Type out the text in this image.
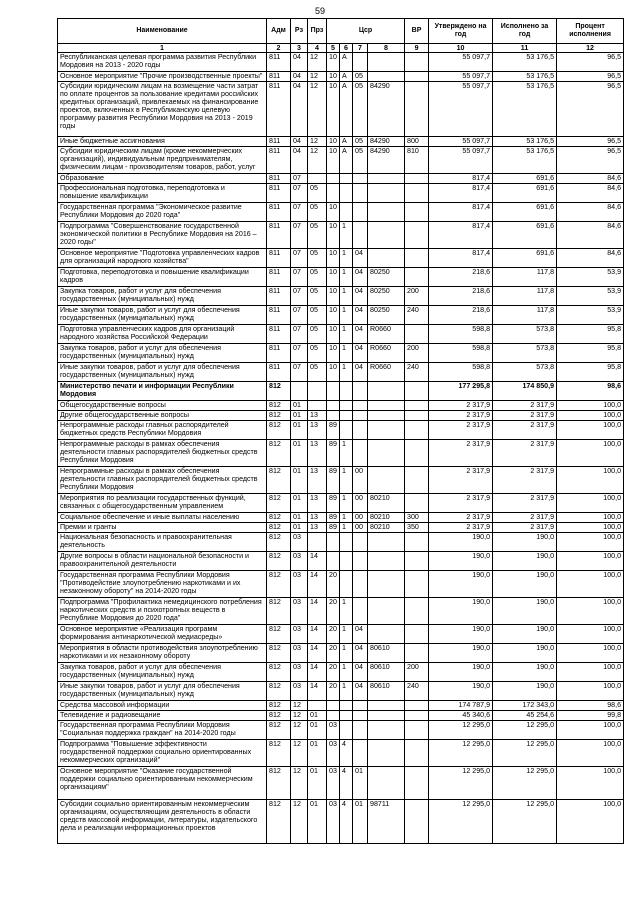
59
Наименование	Адм	Рз	Прз	Цср				ВР	Утверждено на год	Исполнено за год	Процент исполнения
1	2	3	4	5	6	7	8	9	10	11	12
Республиканская целевая программа развития Республики Мордовия на 2013 - 2020 годы	811	04	12	10	А				55 097,7	53 176,5	96,5
Основное мероприятие "Прочие производственные проекты"	811	04	12	10	А	05			55 097,7	53 176,5	96,5
Субсидии юридическим лицам на возмещение части затрат по оплате процентов за пользование кредитами российских кредитных организаций, привлекаемых на финансирование проектов, включенных в Республиканскую целевую программу развития Республики Мордовия на 2013 - 2019 годы	811	04	12	10	А	05	84290		55 097,7	53 176,5	96,5
Иные бюджетные ассигнования	811	04	12	10	А	05	84290	800	55 097,7	53 176,5	96,5
Субсидии юридическим лицам (кроме некоммерческих организаций), индивидуальным предпринимателям, физическим лицам - производителям товаров, работ, услуг	811	04	12	10	А	05	84290	810	55 097,7	53 176,5	96,5
Образование	811	07							817,4	691,6	84,6
Профессиональная подготовка, переподготовка и повышение квалификации	811	07	05						817,4	691,6	84,6
Государственная программа "Экономическое развитие Республики Мордовия до 2020 года"	811	07	05	10					817,4	691,6	84,6
Подпрограмма "Совершенствование государственной экономической политики в Республике Мордовия на 2016 – 2020 годы"	811	07	05	10	1				817,4	691,6	84,6
Основное мероприятие "Подготовка управленческих кадров для организаций народного хозяйства"	811	07	05	10	1	04			817,4	691,6	84,6
Подготовка, переподготовка и повышение квалификации кадров	811	07	05	10	1	04	80250		218,6	117,8	53,9
Закупка товаров, работ и услуг для обеспечения государственных (муниципальных) нужд	811	07	05	10	1	04	80250	200	218,6	117,8	53,9
Иные закупки товаров, работ и услуг для обеспечения государственных (муниципальных) нужд	811	07	05	10	1	04	80250	240	218,6	117,8	53,9
Подготовка управленческих кадров для организаций народного хозяйства Российской Федерации	811	07	05	10	1	04	R0660		598,8	573,8	95,8
Закупка товаров, работ и услуг для обеспечения государственных (муниципальных) нужд	811	07	05	10	1	04	R0660	200	598,8	573,8	95,8
Иные закупки товаров, работ и услуг для обеспечения государственных (муниципальных) нужд	811	07	05	10	1	04	R0660	240	598,8	573,8	95,8
Министерство печати и информации Республики Мордовия	812								177 295,8	174 850,9	98,6
Общегосударственные вопросы	812	01							2 317,9	2 317,9	100,0
Другие общегосударственные вопросы	812	01	13						2 317,9	2 317,9	100,0
Непрограммные расходы главных распорядителей бюджетных средств Республики Мордовия	812	01	13	89					2 317,9	2 317,9	100,0
Непрограммные расходы в рамках обеспечения деятельности главных распорядителей бюджетных средств Республики Мордовия	812	01	13	89	1				2 317,9	2 317,9	100,0
Непрограммные расходы в рамках обеспечения деятельности главных распорядителей бюджетных средств Республики Мордовия	812	01	13	89	1	00			2 317,9	2 317,9	100,0
Мероприятия по реализации государственных функций, связанных с общегосударственным управлением	812	01	13	89	1	00	80210		2 317,9	2 317,9	100,0
Социальное обеспечение и иные выплаты населению	812	01	13	89	1	00	80210	300	2 317,9	2 317,9	100,0
Премии и гранты	812	01	13	89	1	00	80210	350	2 317,9	2 317,9	100,0
Национальная безопасность и правоохранительная деятельность	812	03							190,0	190,0	100,0
Другие вопросы в области национальной безопасности и правоохранительной деятельности	812	03	14						190,0	190,0	100,0
Государственная программа Республики Мордовия "Противодействие злоупотреблению наркотиками и их незаконному обороту" на 2014-2020 годы	812	03	14	20					190,0	190,0	100,0
Подпрограмма "Профилактика немедицинского потребления наркотических средств и психотропных веществ в Республике Мордовия до 2020 года"	812	03	14	20	1				190,0	190,0	100,0
Основное мероприятие «Реализация программ формирования антинаркотической медиасреды»	812	03	14	20	1	04			190,0	190,0	100,0
Мероприятия в области противодействия злоупотреблению наркотиками и их незаконному обороту	812	03	14	20	1	04	80610		190,0	190,0	100,0
Закупка товаров, работ и услуг для обеспечения государственных (муниципальных) нужд	812	03	14	20	1	04	80610	200	190,0	190,0	100,0
Иные закупки товаров, работ и услуг для обеспечения государственных (муниципальных) нужд	812	03	14	20	1	04	80610	240	190,0	190,0	100,0
Средства массовой информации	812	12							174 787,9	172 343,0	98,6
Телевидение и радиовещание	812	12	01						45 340,6	45 254,6	99,8
Государственная программа Республики Мордовия "Социальная поддержка граждан" на 2014-2020 годы	812	12	01	03					12 295,0	12 295,0	100,0
Подпрограмма "Повышение эффективности государственной поддержки социально ориентированных некоммерческих организаций"	812	12	01	03	4				12 295,0	12 295,0	100,0
Основное мероприятие "Оказание государственной поддержки социально ориентированным некоммерческим организациям"	812	12	01	03	4	01			12 295,0	12 295,0	100,0
Субсидии социально ориентированным некоммерческим организациям, осуществляющим деятельность в области средств массовой информации, литературы, издательского дела и реализации информационных проектов	812	12	01	03	4	01	98711		12 295,0	12 295,0	100,0
